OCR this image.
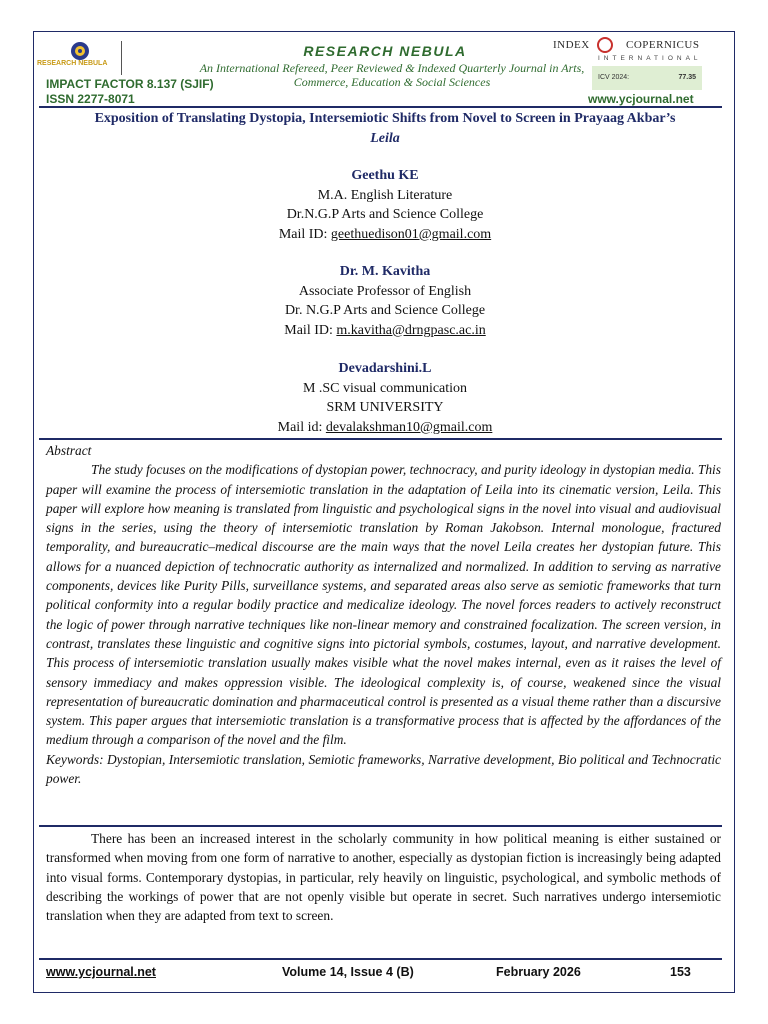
RESEARCH NEBULA
RESEARCH NEBULA
An International Refereed, Peer Reviewed & Indexed Quarterly Journal in Arts, Commerce, Education & Social Sciences
IMPACT FACTOR 8.137 (SJIF)
ISSN 2277-8071
INDEX	COPERNICUS
INTERNATIONAL
ICV 2024:	77.35
www.ycjournal.net
Exposition of Translating Dystopia, Intersemiotic Shifts from Novel to Screen in Prayaag Akbar’s
Leila
Geethu KE
M.A. English Literature
Dr.N.G.P Arts and Science College
Mail ID: geethuedison01@gmail.com
Dr. M. Kavitha
Associate Professor of English
Dr. N.G.P Arts and Science College
Mail ID: m.kavitha@drngpasc.ac.in
Devadarshini.L
M .SC visual communication
SRM UNIVERSITY
Mail id: devalakshman10@gmail.com

Abstract

The study focuses on the modifications of dystopian power, technocracy, and purity ideology in dystopian media. This paper will examine the process of intersemiotic translation in the adaptation of Leila into its cinematic version, Leila. This paper will explore how meaning is translated from linguistic and psychological signs in the novel into visual and audiovisual signs in the series, using the theory of intersemiotic translation by Roman Jakobson. Internal monologue, fractured temporality, and bureaucratic–medical discourse are the main ways that the novel Leila creates her dystopian future. This allows for a nuanced depiction of technocratic authority as internalized and normalized. In addition to serving as narrative components, devices like Purity Pills, surveillance systems, and separated areas also serve as semiotic frameworks that turn political conformity into a regular bodily practice and medicalize ideology. The novel forces readers to actively reconstruct the logic of power through narrative techniques like non-linear memory and constrained focalization. The screen version, in contrast, translates these linguistic and cognitive signs into pictorial symbols, costumes, layout, and narrative development. This process of intersemiotic translation usually makes visible what the novel makes internal, even as it raises the level of sensory immediacy and makes oppression visible. The ideological complexity is, of course, weakened since the visual representation of bureaucratic domination and pharmaceutical control is presented as a visual theme rather than a discursive system. This paper argues that intersemiotic translation is a transformative process that is affected by the affordances of the medium through a comparison of the novel and the film.

Keywords: Dystopian, Intersemiotic translation, Semiotic frameworks, Narrative development, Bio political and Technocratic power.

There has been an increased interest in the scholarly community in how political meaning is either sustained or transformed when moving from one form of narrative to another, especially as dystopian fiction is increasingly being adapted into visual forms. Contemporary dystopias, in particular, rely heavily on linguistic, psychological, and symbolic methods of describing the workings of power that are not openly visible but operate in secret. Such narratives undergo intersemiotic translation when they are adapted from text to screen.

www.ycjournal.net	Volume 14, Issue 4 (B)	February 2026	153
